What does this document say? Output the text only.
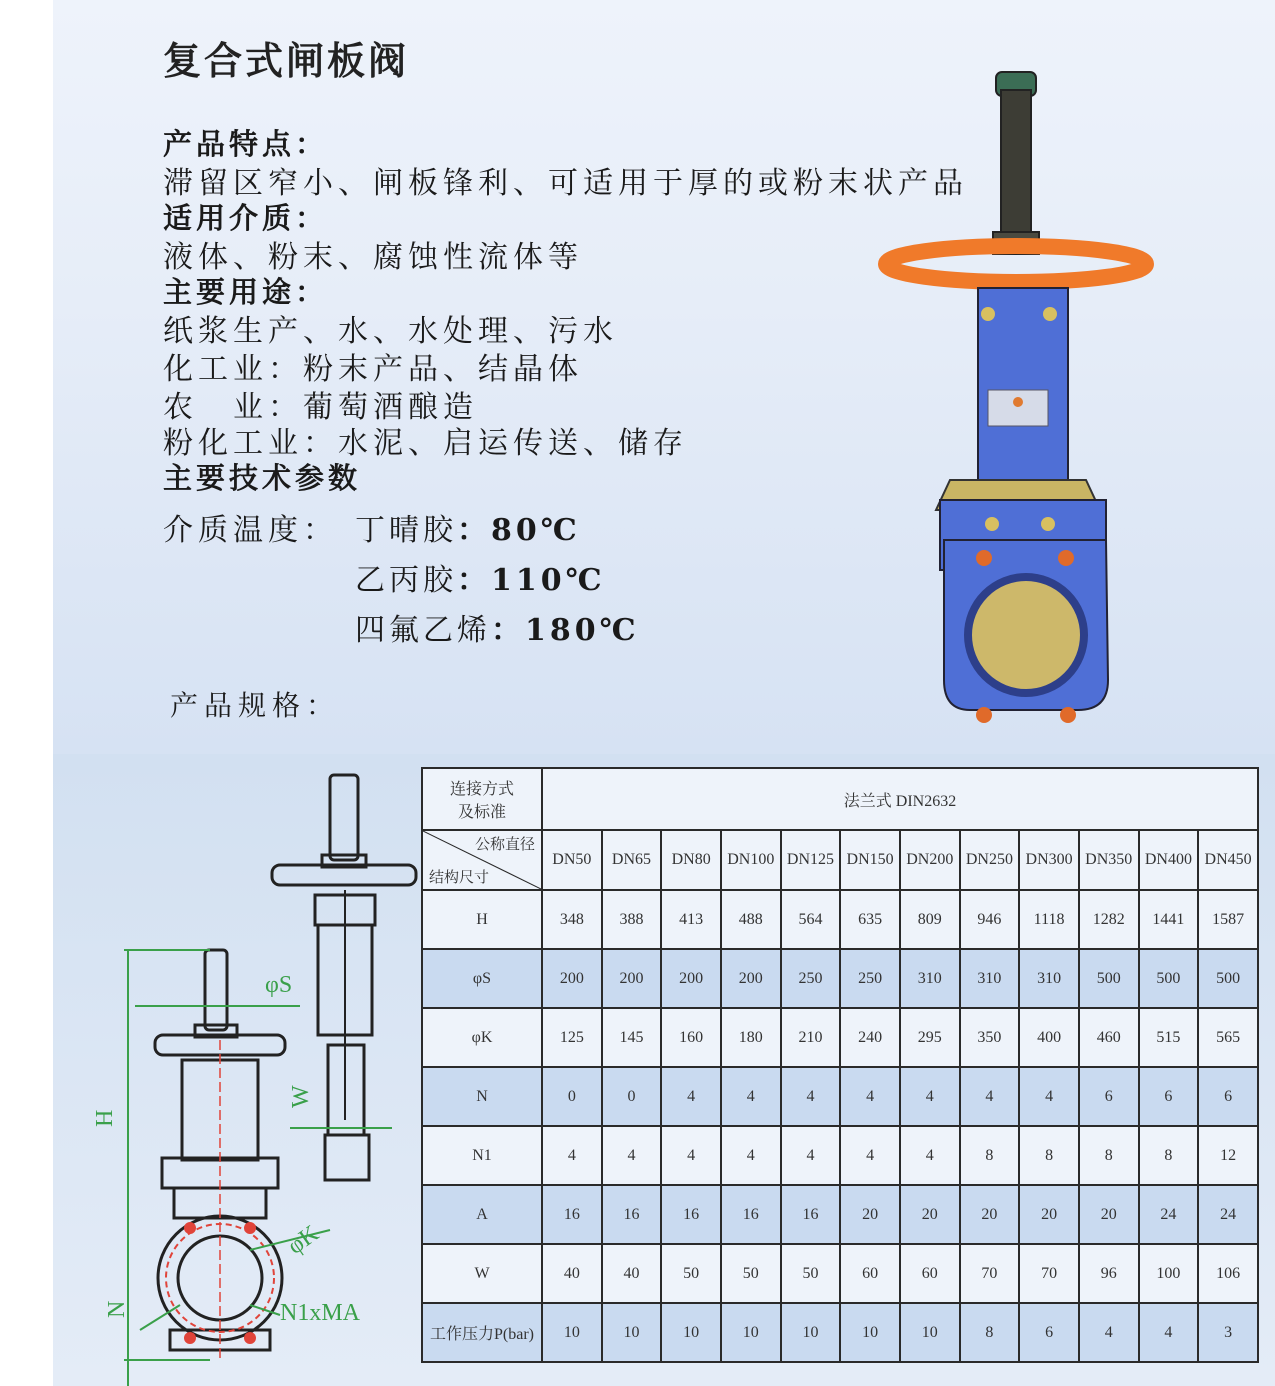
复合式闸板阀
产品特点：
滞留区窄小、闸板锋利、可适用于厚的或粉末状产品
适用介质：
液体、粉末、腐蚀性流体等
主要用途：
纸浆生产、水、水处理、污水
化工业：粉末产品、结晶体
农　业：葡萄酒酿造
粉化工业：水泥、启运传送、储存
主要技术参数
介质温度： 丁晴胶：80℃
乙丙胶：110℃
四氟乙烯：180℃
产品规格：
φS
H
W
φK
N	N1xMA
连接方式
及标准	法兰式 DIN2632											

公称直径
结构尺寸	DN50	DN65	DN80	DN100	DN125	DN150	DN200	DN250	DN300	DN350	DN400	DN450
H	348	388	413	488	564	635	809	946	1118	1282	1441	1587
φS	200	200	200	200	250	250	310	310	310	500	500	500
φK	125	145	160	180	210	240	295	350	400	460	515	565
N	0	0	4	4	4	4	4	4	4	6	6	6
N1	4	4	4	4	4	4	4	8	8	8	8	12
A	16	16	16	16	16	20	20	20	20	20	24	24
W	40	40	50	50	50	60	60	70	70	96	100	106
工作压力P(bar)	10	10	10	10	10	10	10	8	6	4	4	3
